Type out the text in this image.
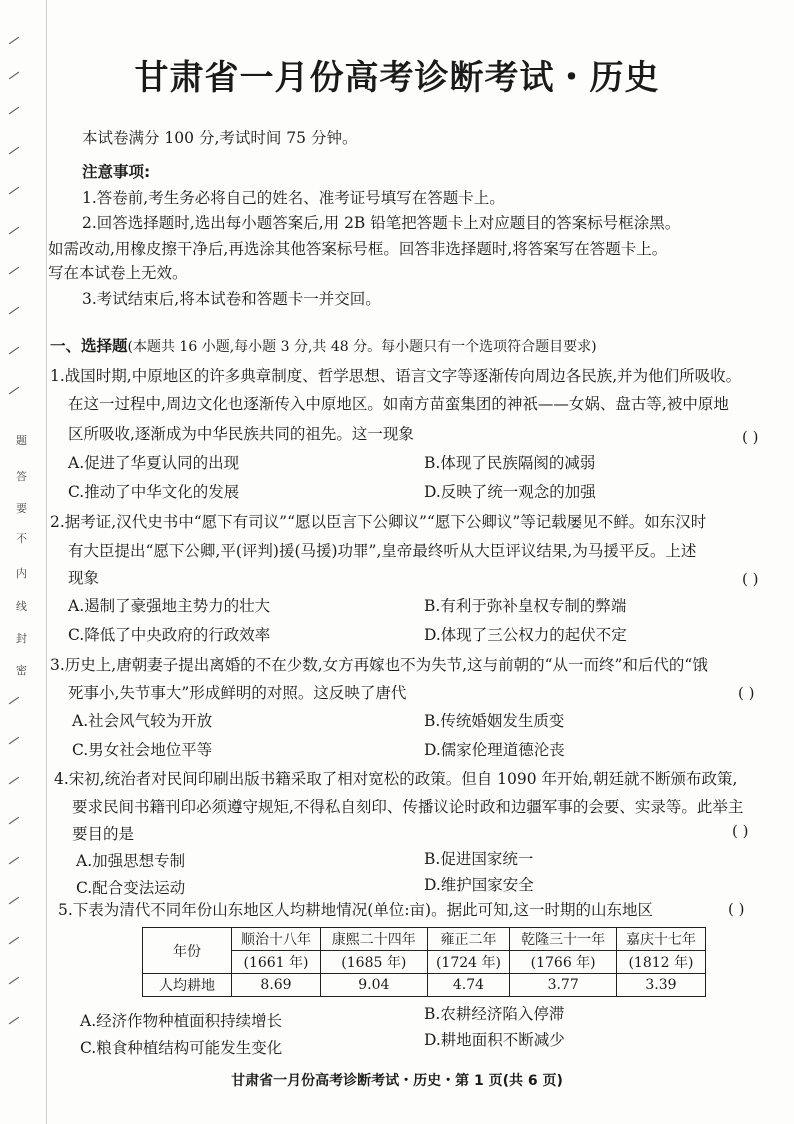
题
答
要
不
内
线
封
密
甘肃省一月份高考诊断考试・历史
本试卷满分 100 分,考试时间 75 分钟。
注意事项:
1.答卷前,考生务必将自己的姓名、准考证号填写在答题卡上。
2.回答选择题时,选出每小题答案后,用 2B 铅笔把答题卡上对应题目的答案标号框涂黑。
如需改动,用橡皮擦干净后,再选涂其他答案标号框。回答非选择题时,将答案写在答题卡上。
写在本试卷上无效。
3.考试结束后,将本试卷和答题卡一并交回。
一、选择题(本题共 16 小题,每小题 3 分,共 48 分。每小题只有一个选项符合题目要求)
1.战国时期,中原地区的许多典章制度、哲学思想、语言文字等逐渐传向周边各民族,并为他们所吸收。
在这一过程中,周边文化也逐渐传入中原地区。如南方苗蛮集团的神祇——女娲、盘古等,被中原地
区所吸收,逐渐成为中华民族共同的祖先。这一现象	( )
A.促进了华夏认同的出现	B.体现了民族隔阂的减弱
C.推动了中华文化的发展	D.反映了统一观念的加强
2.据考证,汉代史书中“愿下有司议”“愿以臣言下公卿议”“愿下公卿议”等记载屡见不鲜。如东汉时
有大臣提出“愿下公卿,平(评判)援(马援)功罪”,皇帝最终听从大臣评议结果,为马援平反。上述
现象	( )
A.遏制了豪强地主势力的壮大	B.有利于弥补皇权专制的弊端
C.降低了中央政府的行政效率	D.体现了三公权力的起伏不定
3.历史上,唐朝妻子提出离婚的不在少数,女方再嫁也不为失节,这与前朝的“从一而终”和后代的“饿
死事小,失节事大”形成鲜明的对照。这反映了唐代	( )
A.社会风气较为开放	B.传统婚姻发生质变
C.男女社会地位平等	D.儒家伦理道德沦丧
4.宋初,统治者对民间印刷出版书籍采取了相对宽松的政策。但自 1090 年开始,朝廷就不断颁布政策,
要求民间书籍刊印必须遵守规矩,不得私自刻印、传播议论时政和边疆军事的会要、实录等。此举主
要目的是	( )
A.加强思想专制	B.促进国家统一
C.配合变法运动	D.维护国家安全
5.下表为清代不同年份山东地区人均耕地情况(单位:亩)。据此可知,这一时期的山东地区	( )
年份	顺治十八年	康熙二十四年	雍正二年	乾隆三十一年	嘉庆十七年
	(1661 年)	(1685 年)	(1724 年)	(1766 年)	(1812 年)
人均耕地	8.69	9.04	4.74	3.77	3.39
A.经济作物种植面积持续增长	B.农耕经济陷入停滞
C.粮食种植结构可能发生变化	D.耕地面积不断减少
甘肃省一月份高考诊断考试・历史・第 1 页(共 6 页)
